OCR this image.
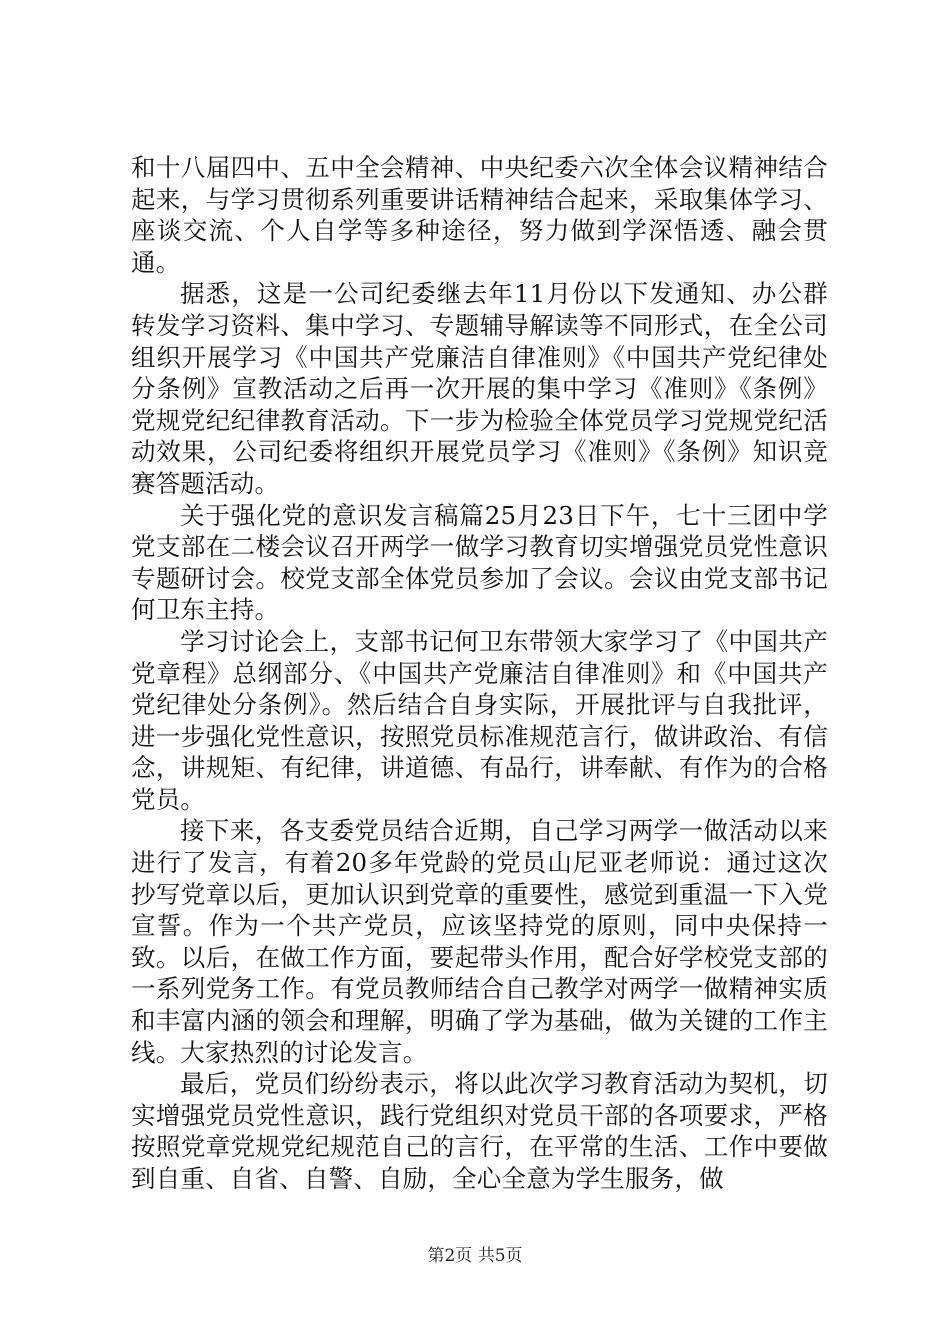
和十八届四中、五中全会精神、中央纪委六次全体会议精神结合起来，与学习贯彻系列重要讲话精神结合起来，采取集体学习、座谈交流、个人自学等多种途径，努力做到学深悟透、融会贯通。

据悉，这是一公司纪委继去年11月份以下发通知、办公群转发学习资料、集中学习、专题辅导解读等不同形式，在全公司组织开展学习《中国共产党廉洁自律准则》《中国共产党纪律处分条例》宣教活动之后再一次开展的集中学习《准则》《条例》党规党纪纪律教育活动。下一步为检验全体党员学习党规党纪活动效果，公司纪委将组织开展党员学习《准则》《条例》知识竞赛答题活动。

关于强化党的意识发言稿篇25月23日下午，七十三团中学党支部在二楼会议召开两学一做学习教育切实增强党员党性意识专题研讨会。校党支部全体党员参加了会议。会议由党支部书记何卫东主持。

学习讨论会上，支部书记何卫东带领大家学习了《中国共产党章程》总纲部分、《中国共产党廉洁自律准则》和《中国共产党纪律处分条例》。然后结合自身实际，开展批评与自我批评，进一步强化党性意识，按照党员标准规范言行，做讲政治、有信念，讲规矩、有纪律，讲道德、有品行，讲奉献、有作为的合格党员。

接下来，各支委党员结合近期，自己学习两学一做活动以来进行了发言，有着20多年党龄的党员山尼亚老师说：通过这次抄写党章以后，更加认识到党章的重要性，感觉到重温一下入党宣誓。作为一个共产党员，应该坚持党的原则，同中央保持一致。以后，在做工作方面，要起带头作用，配合好学校党支部的一系列党务工作。有党员教师结合自己教学对两学一做精神实质和丰富内涵的领会和理解，明确了学为基础，做为关键的工作主线。大家热烈的讨论发言。

最后，党员们纷纷表示，将以此次学习教育活动为契机，切实增强党员党性意识，践行党组织对党员干部的各项要求，严格按照党章党规党纪规范自己的言行，在平常的生活、工作中要做到自重、自省、自警、自励，全心全意为学生服务，做

第2页 共5页
